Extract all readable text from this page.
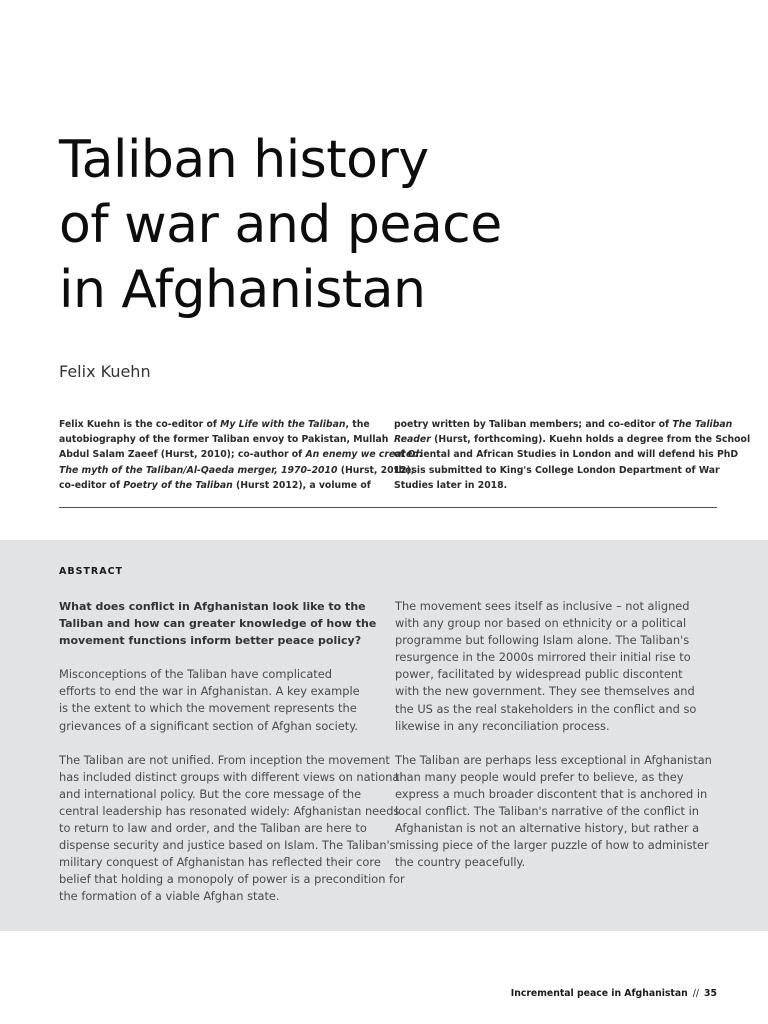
Taliban history
of war and peace
in Afghanistan

Felix Kuehn

Felix Kuehn is the co-editor of My Life with the Taliban, the
autobiography of the former Taliban envoy to Pakistan, Mullah
Abdul Salam Zaeef (Hurst, 2010); co-author of An enemy we created:
The myth of the Taliban/Al-Qaeda merger, 1970–2010 (Hurst, 2012);
co-editor of Poetry of the Taliban (Hurst 2012), a volume of
poetry written by Taliban members; and co-editor of The Taliban
Reader (Hurst, forthcoming). Kuehn holds a degree from the School
of Oriental and African Studies in London and will defend his PhD
thesis submitted to King's College London Department of War
Studies later in 2018.
ABSTRACT

What does conflict in Afghanistan look like to the
Taliban and how can greater knowledge of how the
movement functions inform better peace policy?

Misconceptions of the Taliban have complicated
efforts to end the war in Afghanistan. A key example
is the extent to which the movement represents the
grievances of a significant section of Afghan society.

The Taliban are not unified. From inception the movement
has included distinct groups with different views on national
and international policy. But the core message of the
central leadership has resonated widely: Afghanistan needs
to return to law and order, and the Taliban are here to
dispense security and justice based on Islam. The Taliban's
military conquest of Afghanistan has reflected their core
belief that holding a monopoly of power is a precondition for
the formation of a viable Afghan state.

The movement sees itself as inclusive – not aligned
with any group nor based on ethnicity or a political
programme but following Islam alone. The Taliban's
resurgence in the 2000s mirrored their initial rise to
power, facilitated by widespread public discontent
with the new government. They see themselves and
the US as the real stakeholders in the conflict and so
likewise in any reconciliation process.

The Taliban are perhaps less exceptional in Afghanistan
than many people would prefer to believe, as they
express a much broader discontent that is anchored in
local conflict. The Taliban's narrative of the conflict in
Afghanistan is not an alternative history, but rather a
missing piece of the larger puzzle of how to administer
the country peacefully.

Incremental peace in Afghanistan // 35
